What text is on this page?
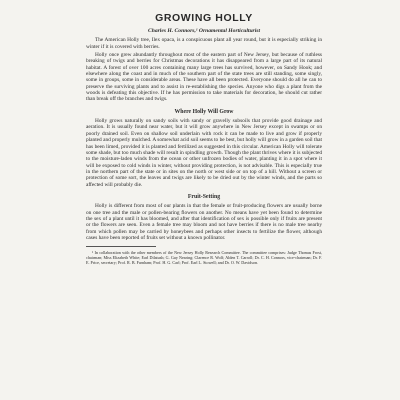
GROWING HOLLY
Charles H. Connors,¹ Ornamental Horticulturist

The American Holly tree, Ilex opaca, is a conspicuous plant all year round, but it is especially striking in winter if it is covered with berries.

Holly once grew abundantly throughout most of the eastern part of New Jersey, but because of ruthless breaking of twigs and berries for Christmas decorations it has disappeared from a large part of its natural habitat. A forest of over 100 acres containing many large trees has survived, however, on Sandy Hook; and elsewhere along the coast and in much of the southern part of the state trees are still standing, some singly, some in groups, some in considerable areas. These have all been protected. Everyone should do all he can to preserve the surviving plants and to assist in re-establishing the species. Anyone who digs a plant from the woods is defeating this objective. If he has permission to take materials for decoration, he should cut rather than break off the branches and twigs.

Where Holly Will Grow

Holly grows naturally on sandy soils with sandy or gravelly subsoils that provide good drainage and aeration. It is usually found near water, but it will grow anywhere in New Jersey except in swamps or on poorly drained soil. Even on shallow soil underlain with rock it can be made to live and grow if properly planted and properly mulched. A somewhat acid soil seems to be best, but holly will grow in a garden soil that has been limed, provided it is planted and fertilized as suggested in this circular. American Holly will tolerate some shade, but too much shade will result in spindling growth. Though the plant thrives where it is subjected to the moisture-laden winds from the ocean or other unfrozen bodies of water, planting it in a spot where it will be exposed to cold winds in winter, without providing protection, is not advisable. This is especially true in the northern part of the state or in sites on the north or west side or on top of a hill. Without a screen or protection of some sort, the leaves and twigs are likely to be dried out by the winter winds, and the parts so affected will probably die.

Fruit-Setting

Holly is different from most of our plants in that the female or fruit-producing flowers are usually borne on one tree and the male or pollen-bearing flowers on another. No means have yet been found to determine the sex of a plant until it has bloomed, and after that identification of sex is possible only if fruits are present or the flowers are seen. Even a female tree may bloom and not have berries if there is no male tree nearby from which pollen may be carried by honeybees and perhaps other insects to fertilize the flower, although cases have been reported of fruits set without a known pollinator.

¹ In collaboration with the other members of the New Jersey Holly Research Committee. The committee comprises: Judge Thomas Frost, chairman; Miss Elizabeth White; Earl Dilatush; G. Guy Nearing; Clarence R. Wolf; Alden T. Carroll; Dr. C. H. Connors, vice-chairman; Dr. F. E. Price, secretary; Prof. R. B. Farnham; Prof. H. G. Carl; Prof. Earl L. Stowell; and Dr. O. W. Davidson.
